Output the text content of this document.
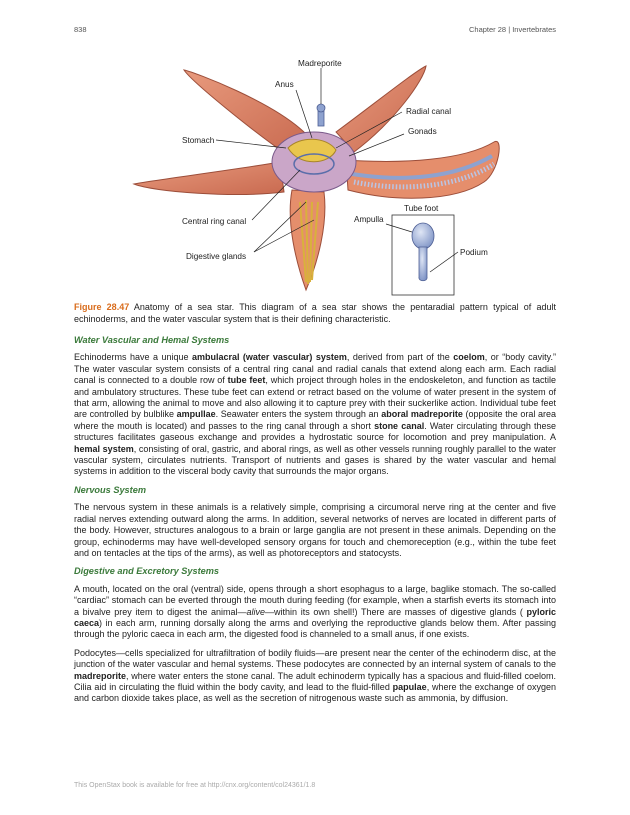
838	Chapter 28 | Invertebrates
Madreporite
Anus
Radial canal
Gonads
Stomach
Central ring canal
Digestive glands
Ampulla
Tube foot
Podium
Figure 28.47 Anatomy of a sea star. This diagram of a sea star shows the pentaradial pattern typical of adult echinoderms, and the water vascular system that is their defining characteristic.
Water Vascular and Hemal Systems

Echinoderms have a unique ambulacral (water vascular) system, derived from part of the coelom, or “body cavity.” The water vascular system consists of a central ring canal and radial canals that extend along each arm. Each radial canal is connected to a double row of tube feet, which project through holes in the endoskeleton, and function as tactile and ambulatory structures. These tube feet can extend or retract based on the volume of water present in the system of that arm, allowing the animal to move and also allowing it to capture prey with their suckerlike action. Individual tube feet are controlled by bulblike ampullae. Seawater enters the system through an aboral madreporite (opposite the oral area where the mouth is located) and passes to the ring canal through a short stone canal. Water circulating through these structures facilitates gaseous exchange and provides a hydrostatic source for locomotion and prey manipulation. A hemal system, consisting of oral, gastric, and aboral rings, as well as other vessels running roughly parallel to the water vascular system, circulates nutrients. Transport of nutrients and gases is shared by the water vascular and hemal systems in addition to the visceral body cavity that surrounds the major organs.

Nervous System

The nervous system in these animals is a relatively simple, comprising a circumoral nerve ring at the center and five radial nerves extending outward along the arms. In addition, several networks of nerves are located in different parts of the body. However, structures analogous to a brain or large ganglia are not present in these animals. Depending on the group, echinoderms may have well-developed sensory organs for touch and chemoreception (e.g., within the tube feet and on tentacles at the tips of the arms), as well as photoreceptors and statocysts.

Digestive and Excretory Systems

A mouth, located on the oral (ventral) side, opens through a short esophagus to a large, baglike stomach. The so-called “cardiac” stomach can be everted through the mouth during feeding (for example, when a starfish everts its stomach into a bivalve prey item to digest the animal—alive—within its own shell!) There are masses of digestive glands ( pyloric caeca) in each arm, running dorsally along the arms and overlying the reproductive glands below them. After passing through the pyloric caeca in each arm, the digested food is channeled to a small anus, if one exists.

Podocytes—cells specialized for ultrafiltration of bodily fluids—are present near the center of the echinoderm disc, at the junction of the water vascular and hemal systems. These podocytes are connected by an internal system of canals to the madreporite, where water enters the stone canal. The adult echinoderm typically has a spacious and fluid-filled coelom. Cilia aid in circulating the fluid within the body cavity, and lead to the fluid-filled papulae, where the exchange of oxygen and carbon dioxide takes place, as well as the secretion of nitrogenous waste such as ammonia, by diffusion.

This OpenStax book is available for free at http://cnx.org/content/col24361/1.8
